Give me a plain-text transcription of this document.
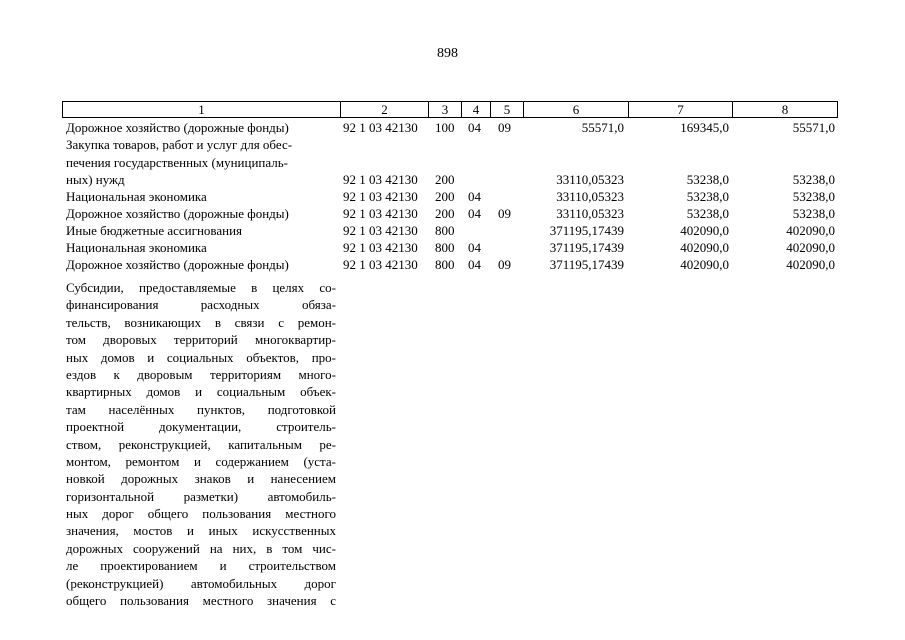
898
1	2	3	4	5	6	7	8
Дорожное хозяйство (дорожные фонды)	92 1 03 42130 100 04 09	55571,0	169345,0	55571,0
Закупка товаров, работ и услуг для обес-
печения государственных (муниципаль-
ных) нужд	92 1 03 42130 200	33110,05323	53238,0	53238,0
Национальная экономика	92 1 03 42130 200 04	33110,05323	53238,0	53238,0
Дорожное хозяйство (дорожные фонды)	92 1 03 42130 200 04 09	33110,05323	53238,0	53238,0
Иные бюджетные ассигнования	92 1 03 42130 800	371195,17439	402090,0	402090,0
Национальная экономика	92 1 03 42130 800 04	371195,17439	402090,0	402090,0
Дорожное хозяйство (дорожные фонды)	92 1 03 42130 800 04 09	371195,17439	402090,0	402090,0
Субсидии, предоставляемые в целях со-
финансирования расходных обяза-
тельств, возникающих в связи с ремон-
том дворовых территорий многоквартир-
ных домов и социальных объектов, про-
ездов к дворовым территориям много-
квартирных домов и социальным объек-
там населённых пунктов, подготовкой
проектной документации, строитель-
ством, реконструкцией, капитальным ре-
монтом, ремонтом и содержанием (уста-
новкой дорожных знаков и нанесением
горизонтальной разметки) автомобиль-
ных дорог общего пользования местного
значения, мостов и иных искусственных
дорожных сооружений на них, в том чис-
ле проектированием и строительством
(реконструкцией) автомобильных дорог
общего пользования местного значения с
